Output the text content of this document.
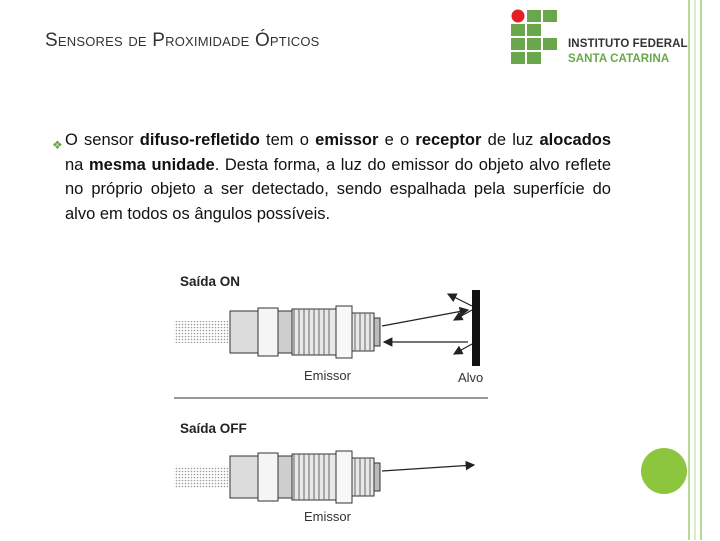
Sensores de Proximidade Ópticos	INSTITUTO FEDERAL
SANTA CATARINA
❖ O sensor difuso-refletido tem o emissor e o receptor de luz alocados na mesma unidade. Desta forma, a luz do emissor do objeto alvo reflete no próprio objeto a ser detectado, sendo espalhada pela superfície do alvo em todos os ângulos possíveis.
Saída ON
Alvo
Emissor
Saída OFF
Emissor
